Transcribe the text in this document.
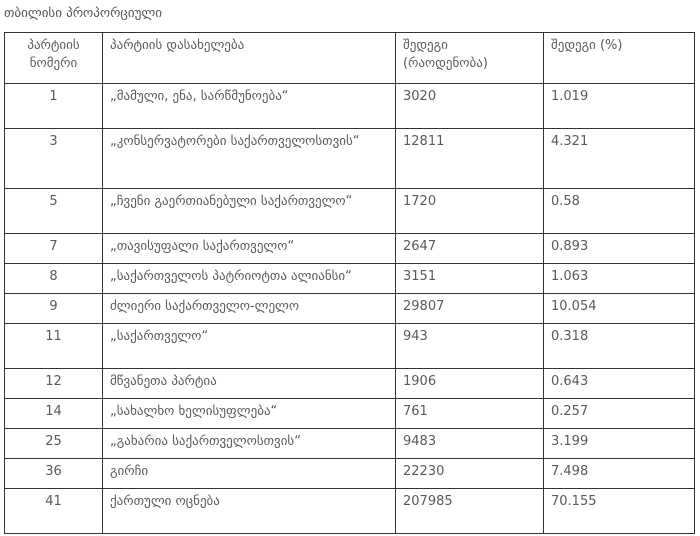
თბილისი პროპორციული
პარტიის ნომერი	პარტიის დასახელება	შედეგი (რაოდენობა)	შედეგი (%)
1	„მამული, ენა, სარწმუნოება“	3020	1.019
3	„კონსერვატორები საქართველოსთვის“	12811	4.321
5	„ჩვენი გაერთიანებული საქართველო“	1720	0.58
7	„თავისუფალი საქართველო“	2647	0.893
8	„საქართველოს პატრიოტთა ალიანსი“	3151	1.063
9	ძლიერი საქართველო-ლელო	29807	10.054
11	„საქართველო“	943	0.318
12	მწვანეთა პარტია	1906	0.643
14	„სახალხო ხელისუფლება“	761	0.257
25	„გახარია საქართველოსთვის“	9483	3.199
36	გირჩი	22230	7.498
41	ქართული ოცნება	207985	70.155
